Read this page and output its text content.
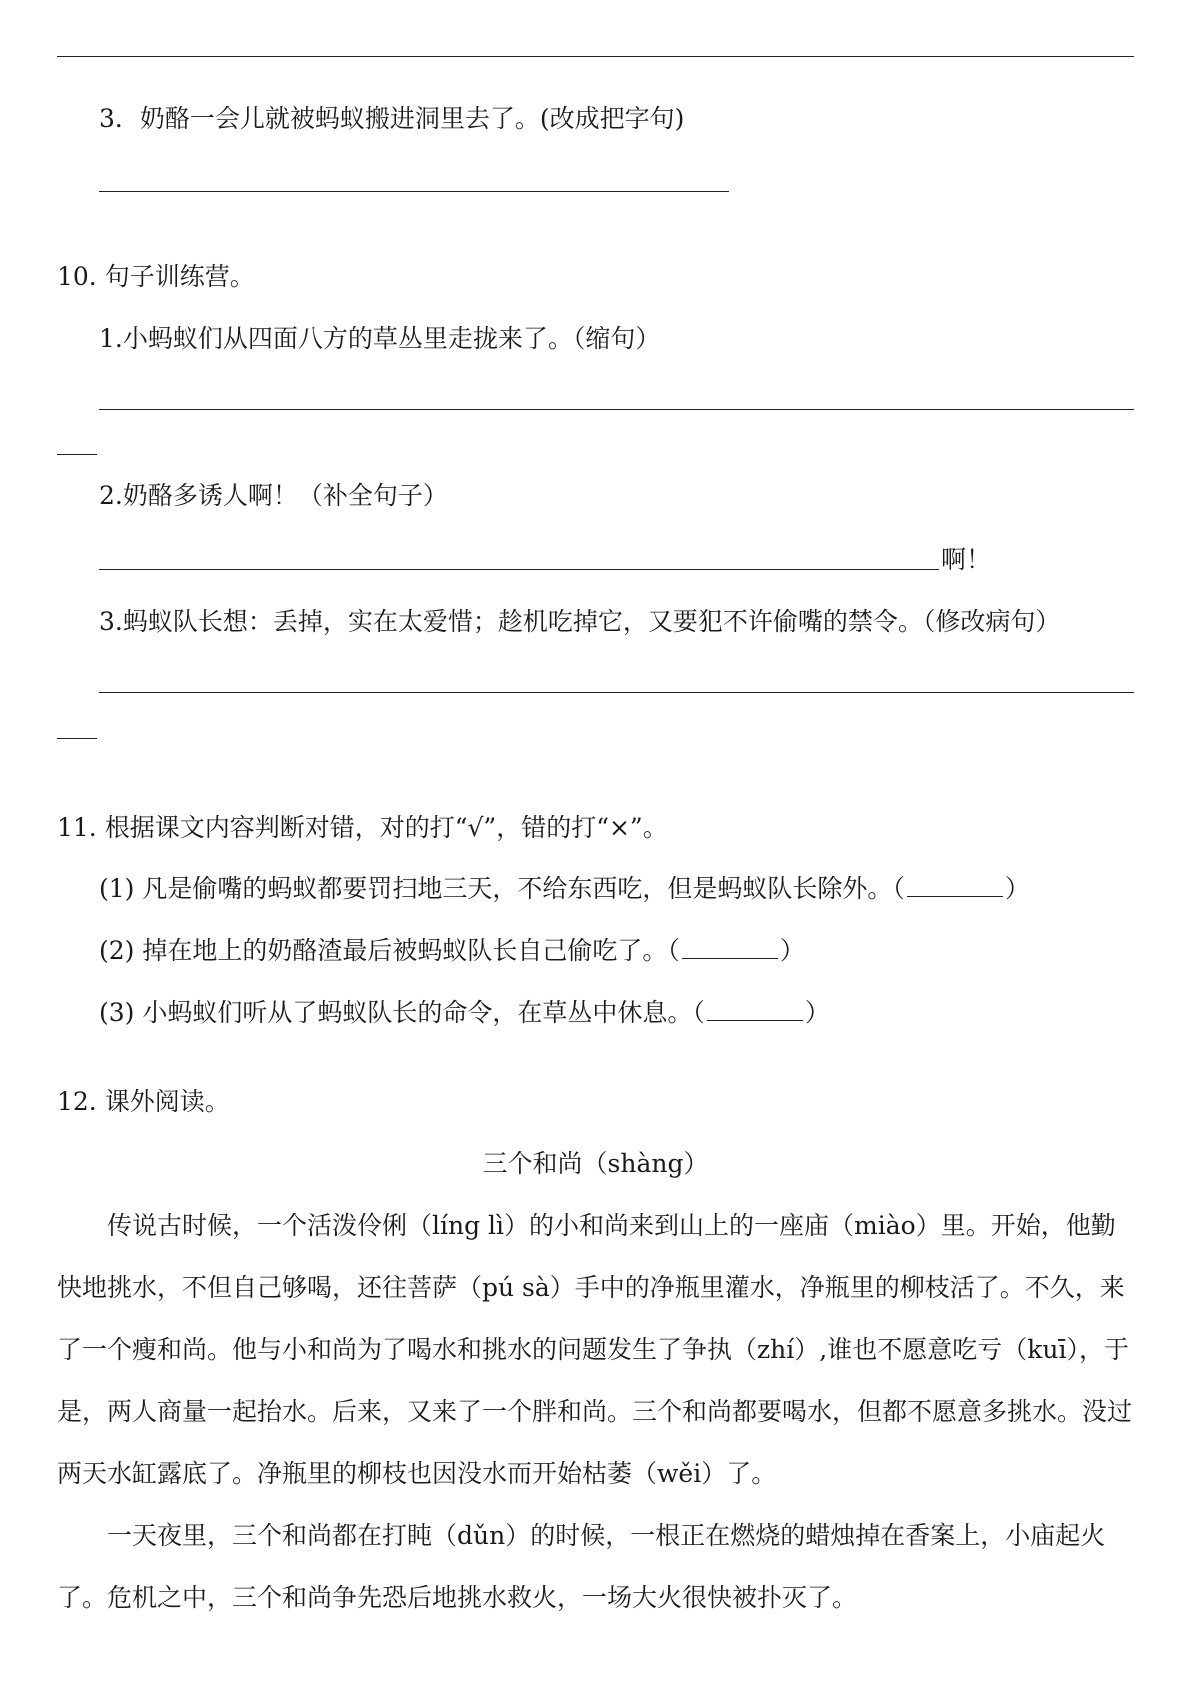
3．奶酪一会儿就被蚂蚁搬进洞里去了。(改成把字句)
10. 句子训练营。
1.小蚂蚁们从四面八方的草丛里走拢来了。（缩句）
2.奶酪多诱人啊！（补全句子）
啊！
3.蚂蚁队长想：丢掉，实在太爱惜；趁机吃掉它，又要犯不许偷嘴的禁令。（修改病句）
11. 根据课文内容判断对错，对的打“√”，错的打“×”。
(1) 凡是偷嘴的蚂蚁都要罚扫地三天，不给东西吃，但是蚂蚁队长除外。（	）
(2) 掉在地上的奶酪渣最后被蚂蚁队长自己偷吃了。（	）
(3) 小蚂蚁们听从了蚂蚁队长的命令，在草丛中休息。（	）
12. 课外阅读。
三个和尚（shàng）
传说古时候，一个活泼伶俐（líng lì）的小和尚来到山上的一座庙（miào）里。开始，他勤快地挑水，不但自己够喝，还往菩萨（pú sà）手中的净瓶里灌水，净瓶里的柳枝活了。不久，来了一个瘦和尚。他与小和尚为了喝水和挑水的问题发生了争执（zhí）,谁也不愿意吃亏（kuī），于是，两人商量一起抬水。后来，又来了一个胖和尚。三个和尚都要喝水，但都不愿意多挑水。没过两天水缸露底了。净瓶里的柳枝也因没水而开始枯萎（wěi）了。
一天夜里，三个和尚都在打盹（dǔn）的时候，一根正在燃烧的蜡烛掉在香案上，小庙起火了。危机之中，三个和尚争先恐后地挑水救火，一场大火很快被扑灭了。
